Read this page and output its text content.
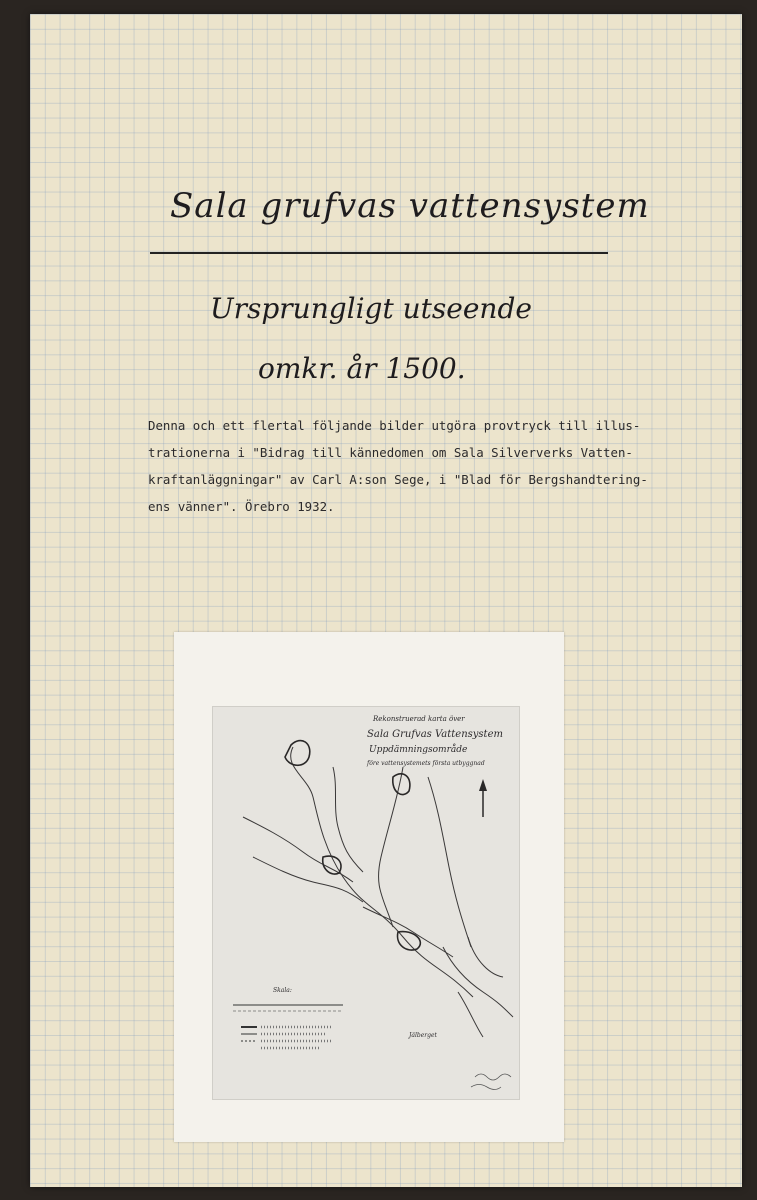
Sala grufvas vattensystem
Ursprungligt utseende
omkr. år 1500.
Denna och ett flertal följande bilder utgöra provtryck till illus-
trationerna i "Bidrag till kännedomen om Sala Silververks Vatten-
kraftanläggningar" av Carl A:son Sege, i "Blad för Bergshandtering-
ens vänner". Örebro 1932.
Rekonstruerad karta över
Sala Grufvas Vattensystem
Uppdämningsområde
före vattensystemets första utbyggnad
Skala:
Jälberget
